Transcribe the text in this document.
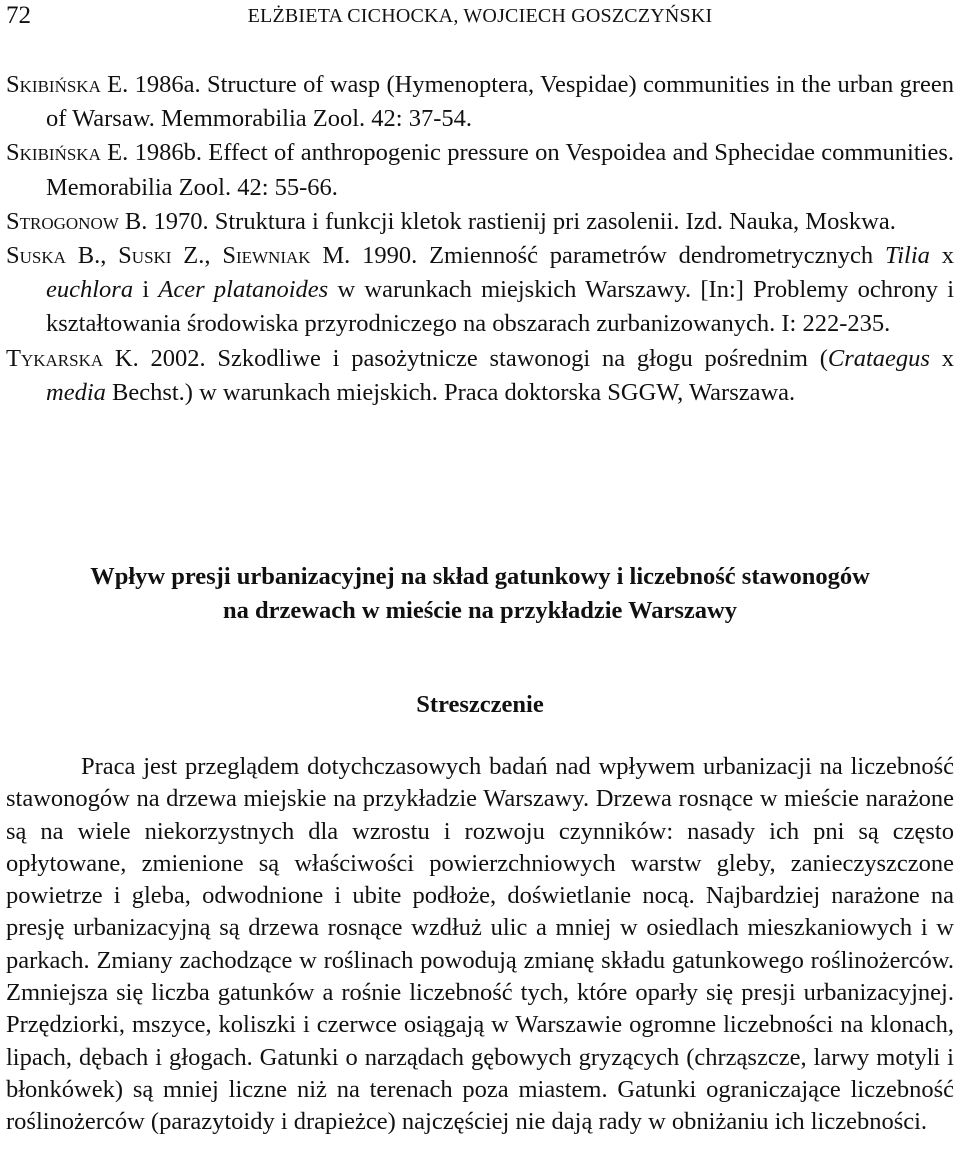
72	ELŻBIETA CICHOCKA, WOJCIECH GOSZCZYŃSKI

Skibińska E. 1986a. Structure of wasp (Hymenoptera, Vespidae) communities in the urban green of Warsaw. Memmorabilia Zool. 42: 37-54.

Skibińska E. 1986b. Effect of anthropogenic pressure on Vespoidea and Sphecidae communities. Memorabilia Zool. 42: 55-66.

Strogonow B. 1970. Struktura i funkcji kletok rastienij pri zasolenii. Izd. Nauka, Moskwa.

Suska B., Suski Z., Siewniak M. 1990. Zmienność parametrów dendrometrycznych Tilia x euchlora i Acer platanoides w warunkach miejskich Warszawy. [In:] Problemy ochrony i kształtowania środowiska przyrodniczego na obszarach zurbanizowanych. I: 222-235.

Tykarska K. 2002. Szkodliwe i pasożytnicze stawonogi na głogu pośrednim (Crataegus x media Bechst.) w warunkach miejskich. Praca doktorska SGGW, Warszawa.

Wpływ presji urbanizacyjnej na skład gatunkowy i liczebność stawonogów
na drzewach w mieście na przykładzie Warszawy
Streszczenie

Praca jest przeglądem dotychczasowych badań nad wpływem urbanizacji na liczebność stawonogów na drzewa miejskie na przykładzie Warszawy. Drzewa rosnące w mieście narażone są na wiele niekorzystnych dla wzrostu i rozwoju czynników: nasady ich pni są często opłytowane, zmienione są właściwości powierzchniowych warstw gleby, zanieczyszczone powietrze i gleba, odwodnione i ubite podłoże, doświetlanie nocą. Najbardziej narażone na presję urbanizacyjną są drzewa rosnące wzdłuż ulic a mniej w osiedlach mieszkaniowych i w parkach. Zmiany zachodzące w roślinach powodują zmianę składu gatunkowego roślinożerców. Zmniejsza się liczba gatunków a rośnie liczebność tych, które oparły się presji urbanizacyjnej. Przędziorki, mszyce, koliszki i czerwce osiągają w Warszawie ogromne liczebności na klonach, lipach, dębach i głogach. Gatunki o narządach gębowych gryzących (chrząszcze, larwy motyli i błonkówek) są mniej liczne niż na terenach poza miastem. Gatunki ograniczające liczebność roślinożerców (parazytoidy i drapieżce) najczęściej nie dają rady w obniżaniu ich liczebności.
